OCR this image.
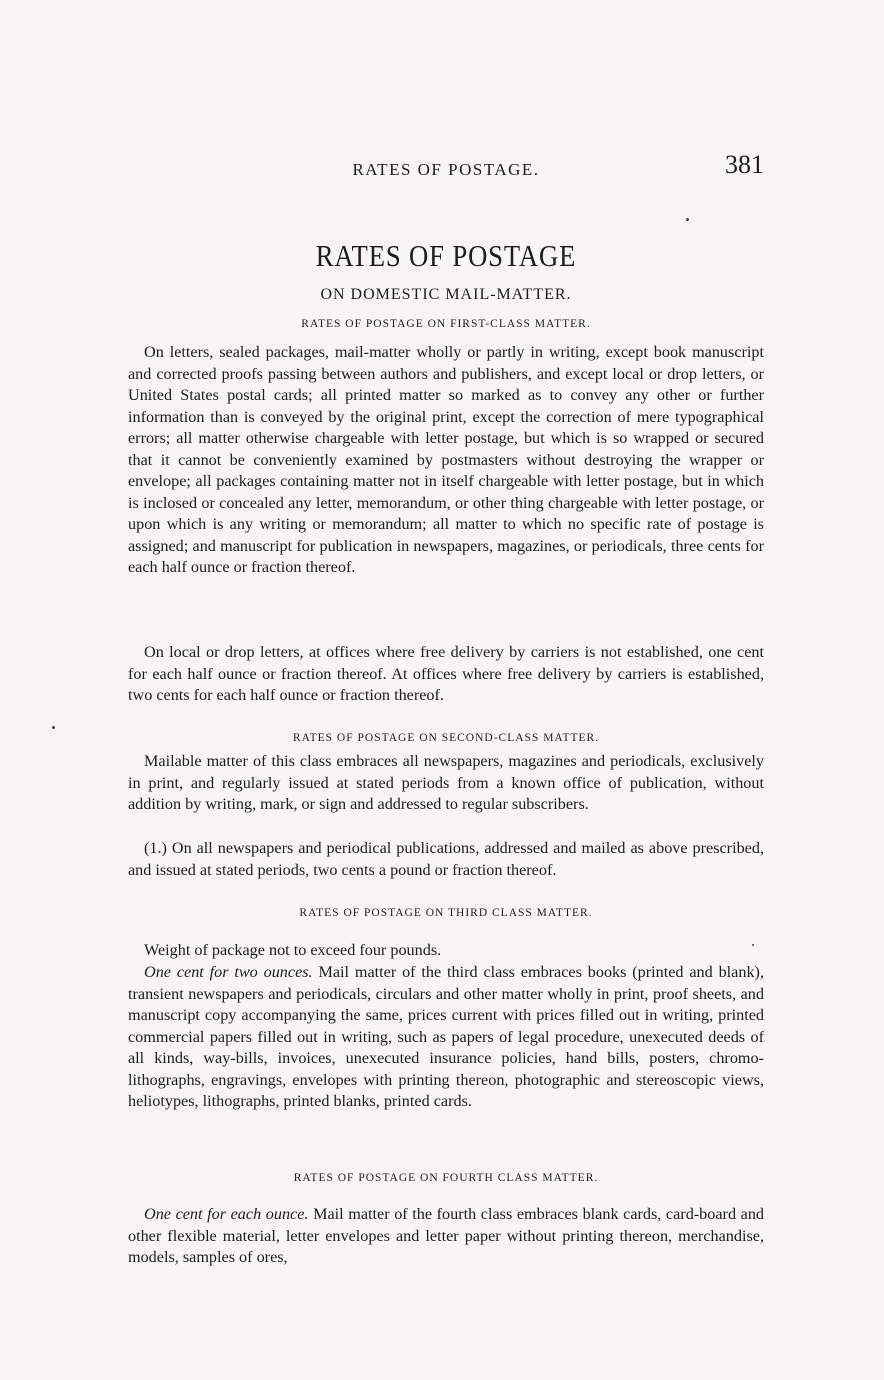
RATES OF POSTAGE.	381
RATES OF POSTAGE
ON DOMESTIC MAIL-MATTER.
RATES OF POSTAGE ON FIRST-CLASS MATTER.

On letters, sealed packages, mail-matter wholly or partly in writing, except book manuscript and corrected proofs passing between authors and publishers, and except local or drop letters, or United States postal cards; all printed matter so marked as to convey any other or further information than is conveyed by the original print, except the correction of mere typographical errors; all matter otherwise chargeable with letter postage, but which is so wrapped or secured that it cannot be conveniently examined by postmasters without destroying the wrapper or envelope; all packages containing matter not in itself chargeable with letter postage, but in which is inclosed or concealed any letter, memorandum, or other thing chargeable with letter postage, or upon which is any writing or memorandum; all matter to which no specific rate of postage is assigned; and manuscript for publication in newspapers, magazines, or periodicals, three cents for each half ounce or fraction thereof.

On local or drop letters, at offices where free delivery by carriers is not established, one cent for each half ounce or fraction thereof. At offices where free delivery by carriers is established, two cents for each half ounce or fraction thereof.

RATES OF POSTAGE ON SECOND-CLASS MATTER.

Mailable matter of this class embraces all newspapers, magazines and periodicals, exclusively in print, and regularly issued at stated periods from a known office of publication, without addition by writing, mark, or sign and addressed to regular subscribers.

(1.) On all newspapers and periodical publications, addressed and mailed as above prescribed, and issued at stated periods, two cents a pound or fraction thereof.

RATES OF POSTAGE ON THIRD CLASS MATTER.

Weight of package not to exceed four pounds.

One cent for two ounces. Mail matter of the third class embraces books (printed and blank), transient newspapers and periodicals, circulars and other matter wholly in print, proof sheets, and manuscript copy accompanying the same, prices current with prices filled out in writing, printed commercial papers filled out in writing, such as papers of legal procedure, unexecuted deeds of all kinds, way-bills, invoices, unexecuted insurance policies, hand bills, posters, chromo-lithographs, engravings, envelopes with printing thereon, photographic and stereoscopic views, heliotypes, lithographs, printed blanks, printed cards.

RATES OF POSTAGE ON FOURTH CLASS MATTER.

One cent for each ounce. Mail matter of the fourth class embraces blank cards, card-board and other flexible material, letter envelopes and letter paper without printing thereon, merchandise, models, samples of ores,
